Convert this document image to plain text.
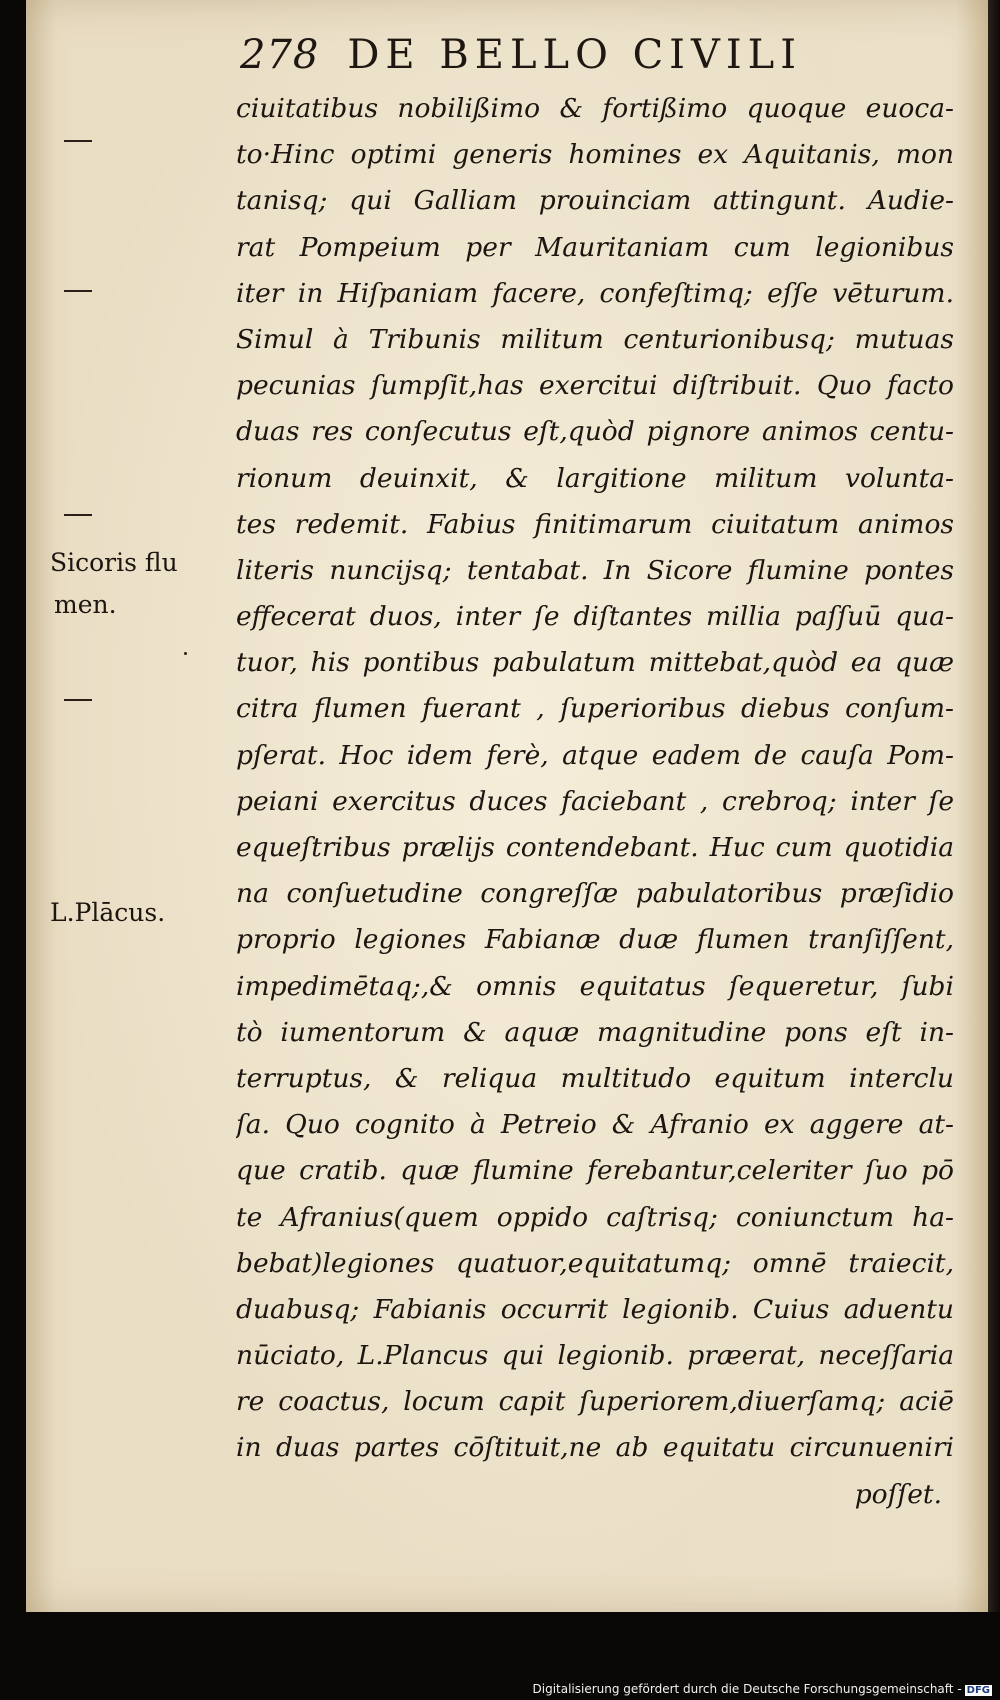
278 DE BELLO CIVILI
Sicoris flu
men.
L.Plācus.
ciuitatibus nobilißimo & fortißimo quoque euoca-
to·Hinc optimi generis homines ex Aquitanis, mon
tanisq; qui Galliam prouinciam attingunt. Audie-
rat Pompeium per Mauritaniam cum legionibus
iter in Hiſpaniam facere, confeſtimq; eſſe vēturum.
Simul à Tribunis militum centurionibusq; mutuas
pecunias ſumpſit,has exercitui diſtribuit. Quo facto
duas res conſecutus eſt,quòd pignore animos centu-
rionum deuinxit, & largitione militum volunta-
tes redemit. Fabius finitimarum ciuitatum animos
literis nuncijsq; tentabat. In Sicore flumine pontes
effecerat duos, inter ſe diſtantes millia paſſuū qua-
tuor, his pontibus pabulatum mittebat,quòd ea quæ
citra flumen fuerant , ſuperioribus diebus conſum-
pſerat. Hoc idem ferè, atque eadem de cauſa Pom-
peiani exercitus duces faciebant , crebroq; inter ſe
equeſtribus prælijs contendebant. Huc cum quotidia
na conſuetudine congreſſæ pabulatoribus præſidio
proprio legiones Fabianæ duæ flumen tranſiſſent,
impedimētaq;,& omnis equitatus ſequeretur, ſubi
tò iumentorum & aquæ magnitudine pons eſt in-
terruptus, & reliqua multitudo equitum interclu
ſa. Quo cognito à Petreio & Afranio ex aggere at-
que cratib. quæ flumine ferebantur,celeriter ſuo pō
te Afranius(quem oppido caſtrisq; coniunctum ha-
bebat)legiones quatuor,equitatumq; omnē traiecit,
duabusq; Fabianis occurrit legionib. Cuius aduentu
nūciato, L.Plancus qui legionib. præerat, neceſſaria
re coactus, locum capit ſuperiorem,diuerſamq; aciē
in duas partes cōſtituit,ne ab equitatu circunueniri
poſſet.
Digitalisierung gefördert durch die Deutsche Forschungsgemeinschaft - DFG
